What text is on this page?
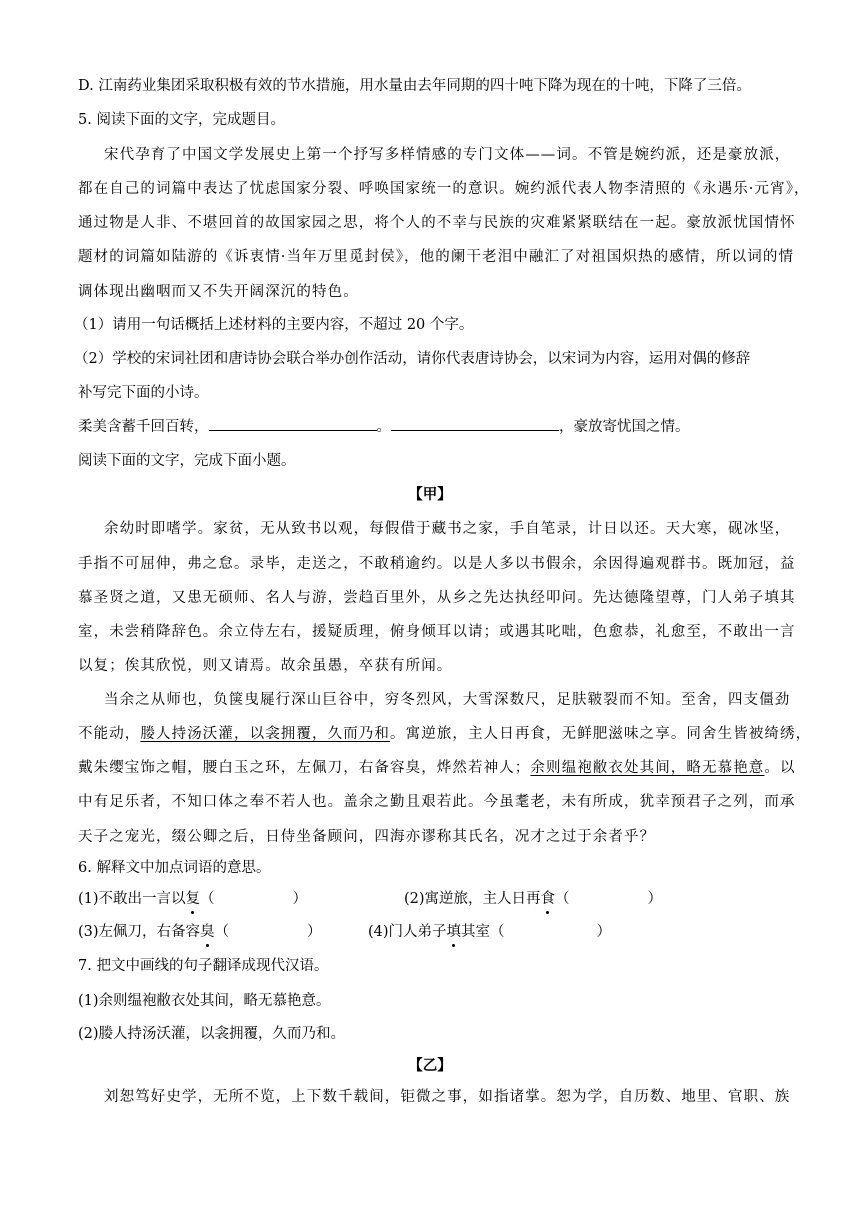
D. 江南药业集团采取积极有效的节水措施，用水量由去年同期的四十吨下降为现在的十吨，下降了三倍。
5. 阅读下面的文字，完成题目。
宋代孕育了中国文学发展史上第一个抒写多样情感的专门文体——词。不管是婉约派，还是豪放派，
都在自己的词篇中表达了忧虑国家分裂、呼唤国家统一的意识。婉约派代表人物李清照的《永遇乐·元宵》，
通过物是人非、不堪回首的故国家园之思，将个人的不幸与民族的灾难紧紧联结在一起。豪放派忧国情怀
题材的词篇如陆游的《诉衷情·当年万里觅封侯》，他的阑干老泪中融汇了对祖国炽热的感情，所以词的情
调体现出幽咽而又不失开阔深沉的特色。
（1）请用一句话概括上述材料的主要内容，不超过 20 个字。
（2）学校的宋词社团和唐诗协会联合举办创作活动，请你代表唐诗协会，以宋词为内容，运用对偶的修辞
补写完下面的小诗。
柔美含蓄千回百转，	。	，豪放寄忧国之情。
阅读下面的文字，完成下面小题。
【甲】
余幼时即嗜学。家贫，无从致书以观，每假借于藏书之家，手自笔录，计日以还。天大寒，砚冰坚，
手指不可屈伸，弗之怠。录毕，走送之，不敢稍逾约。以是人多以书假余，余因得遍观群书。既加冠，益
慕圣贤之道，又患无硕师、名人与游，尝趋百里外，从乡之先达执经叩问。先达德隆望尊，门人弟子填其
室，未尝稍降辞色。余立侍左右，援疑质理，俯身倾耳以请；或遇其叱咄，色愈恭，礼愈至，不敢出一言
以复；俟其欣悦，则又请焉。故余虽愚，卒获有所闻。
当余之从师也，负箧曳屣行深山巨谷中，穷冬烈风，大雪深数尺，足肤皲裂而不知。至舍，四支僵劲
不能动，媵人持汤沃灌，以衾拥覆，久而乃和。寓逆旅，主人日再食，无鲜肥滋味之享。同舍生皆被绮绣，
戴朱缨宝饰之帽，腰白玉之环，左佩刀，右备容臭，烨然若神人；余则缊袍敝衣处其间，略无慕艳意。以
中有足乐者，不知口体之奉不若人也。盖余之勤且艰若此。今虽耄老，未有所成，犹幸预君子之列，而承
天子之宠光，缀公卿之后，日侍坐备顾问，四海亦谬称其氏名，况才之过于余者乎？
6. 解释文中加点词语的意思。
(1)不敢出一言以复（	）	(2)寓逆旅，主人日再食（	）
(3)左佩刀，右备容臭（	）	(4)门人弟子填其室（	）
7. 把文中画线的句子翻译成现代汉语。
(1)余则缊袍敝衣处其间，略无慕艳意。
(2)媵人持汤沃灌，以衾拥覆，久而乃和。
【乙】
刘恕笃好史学，无所不览，上下数千载间，钜微之事，如指诸掌。恕为学，自历数、地里、官职、族
